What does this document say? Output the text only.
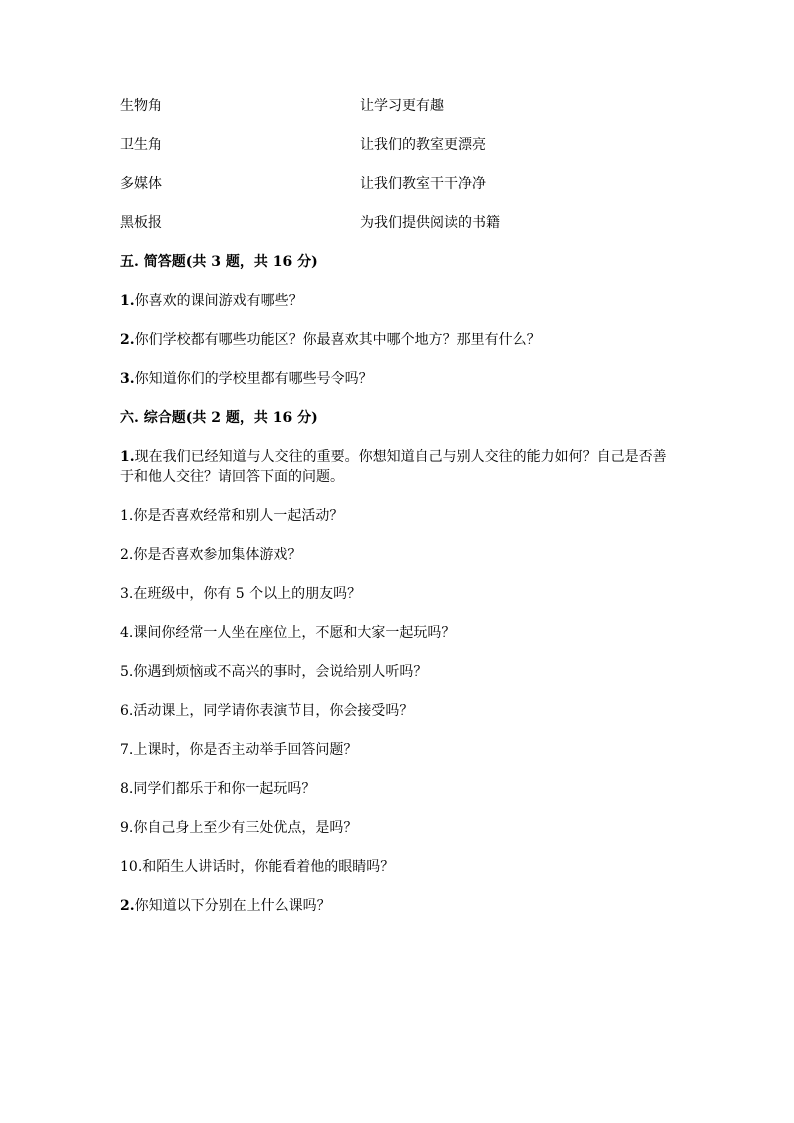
生物角	让学习更有趣
卫生角	让我们的教室更漂亮
多媒体	让我们教室干干净净
黑板报	为我们提供阅读的书籍
五. 简答题(共 3 题，共 16 分)
1.你喜欢的课间游戏有哪些？
2.你们学校都有哪些功能区？你最喜欢其中哪个地方？那里有什么？
3.你知道你们的学校里都有哪些号令吗？
六. 综合题(共 2 题，共 16 分)
1.现在我们已经知道与人交往的重要。你想知道自己与别人交往的能力如何？自己是否善于和他人交往？请回答下面的问题。
1.你是否喜欢经常和别人一起活动？
2.你是否喜欢参加集体游戏？
3.在班级中，你有 5 个以上的朋友吗？
4.课间你经常一人坐在座位上，不愿和大家一起玩吗？
5.你遇到烦恼或不高兴的事时，会说给别人听吗？
6.活动课上，同学请你表演节目，你会接受吗？
7.上课时，你是否主动举手回答问题？
8.同学们都乐于和你一起玩吗？
9.你自己身上至少有三处优点，是吗？
10.和陌生人讲话时，你能看着他的眼睛吗？
2.你知道以下分别在上什么课吗？
